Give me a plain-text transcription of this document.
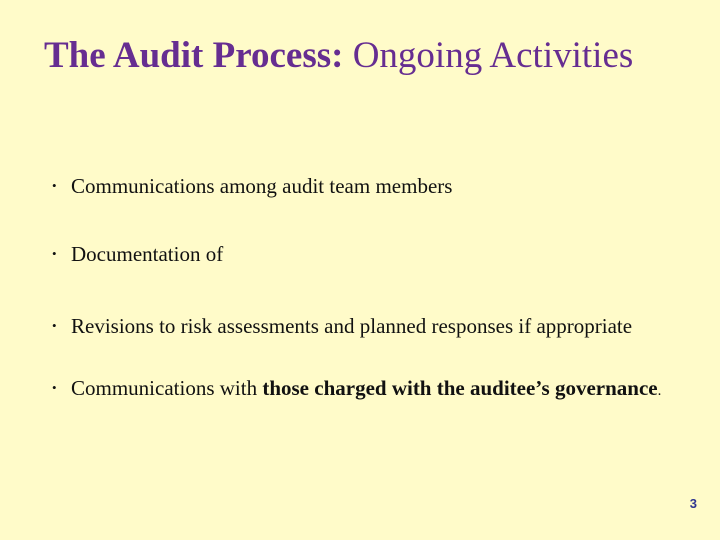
The Audit Process: Ongoing Activities
• Communications among audit team members
• Documentation of
• Revisions to risk assessments and planned responses if appropriate
• Communications with those charged with the auditee’s governance.
3
